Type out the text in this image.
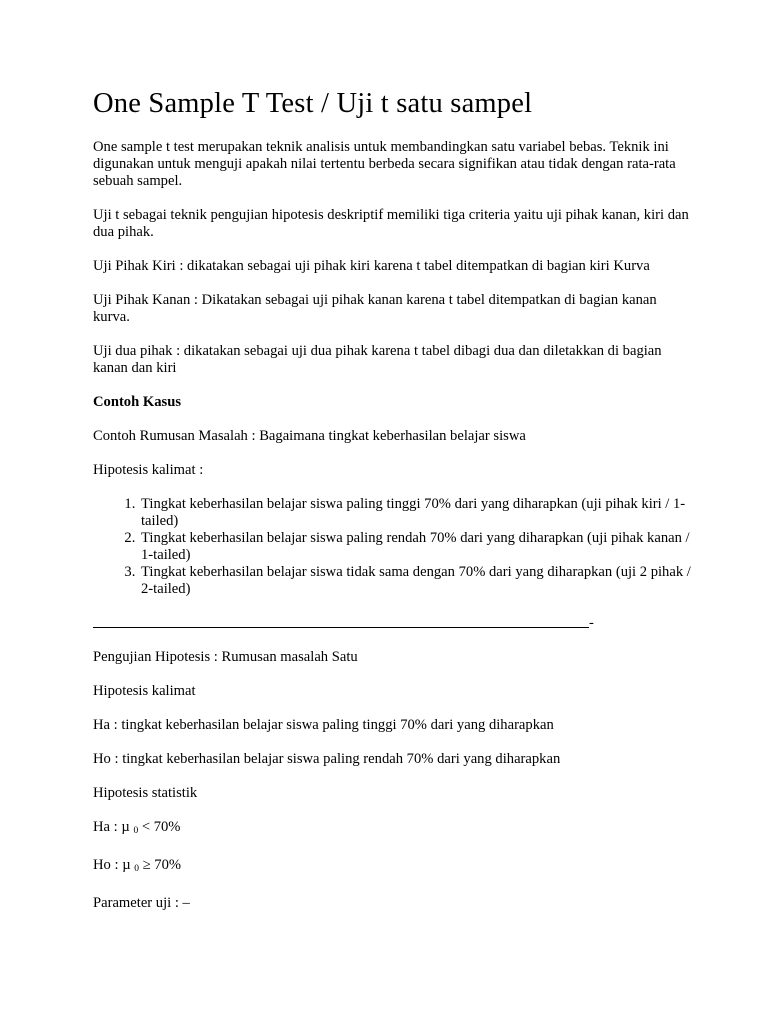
One Sample T Test / Uji t satu sampel

One sample t test merupakan teknik analisis untuk membandingkan satu variabel bebas. Teknik ini digunakan untuk menguji apakah nilai tertentu berbeda secara signifikan atau tidak dengan rata-rata sebuah sampel.

Uji t sebagai teknik pengujian hipotesis deskriptif memiliki tiga criteria yaitu uji pihak kanan, kiri dan dua pihak.

Uji Pihak Kiri : dikatakan sebagai uji pihak kiri karena t tabel ditempatkan di bagian kiri Kurva

Uji Pihak Kanan : Dikatakan sebagai uji pihak kanan karena t tabel ditempatkan di bagian kanan kurva.

Uji dua pihak : dikatakan sebagai uji dua pihak karena t tabel dibagi dua dan diletakkan di bagian kanan dan kiri

Contoh Kasus

Contoh Rumusan Masalah : Bagaimana tingkat keberhasilan belajar siswa

Hipotesis kalimat :

1. Tingkat keberhasilan belajar siswa paling tinggi 70% dari yang diharapkan (uji pihak kiri / 1-tailed)
2. Tingkat keberhasilan belajar siswa paling rendah 70% dari yang diharapkan (uji pihak kanan / 1-tailed)
3. Tingkat keberhasilan belajar siswa tidak sama dengan 70% dari yang diharapkan (uji 2 pihak / 2-tailed)
-

Pengujian Hipotesis : Rumusan masalah Satu

Hipotesis kalimat

Ha : tingkat keberhasilan belajar siswa paling tinggi 70% dari yang diharapkan

Ho : tingkat keberhasilan belajar siswa paling rendah 70% dari yang diharapkan

Hipotesis statistik

Ha : µ $_0$ < 70%

Ho : µ $_0$ ≥ 70%

Parameter uji : –
